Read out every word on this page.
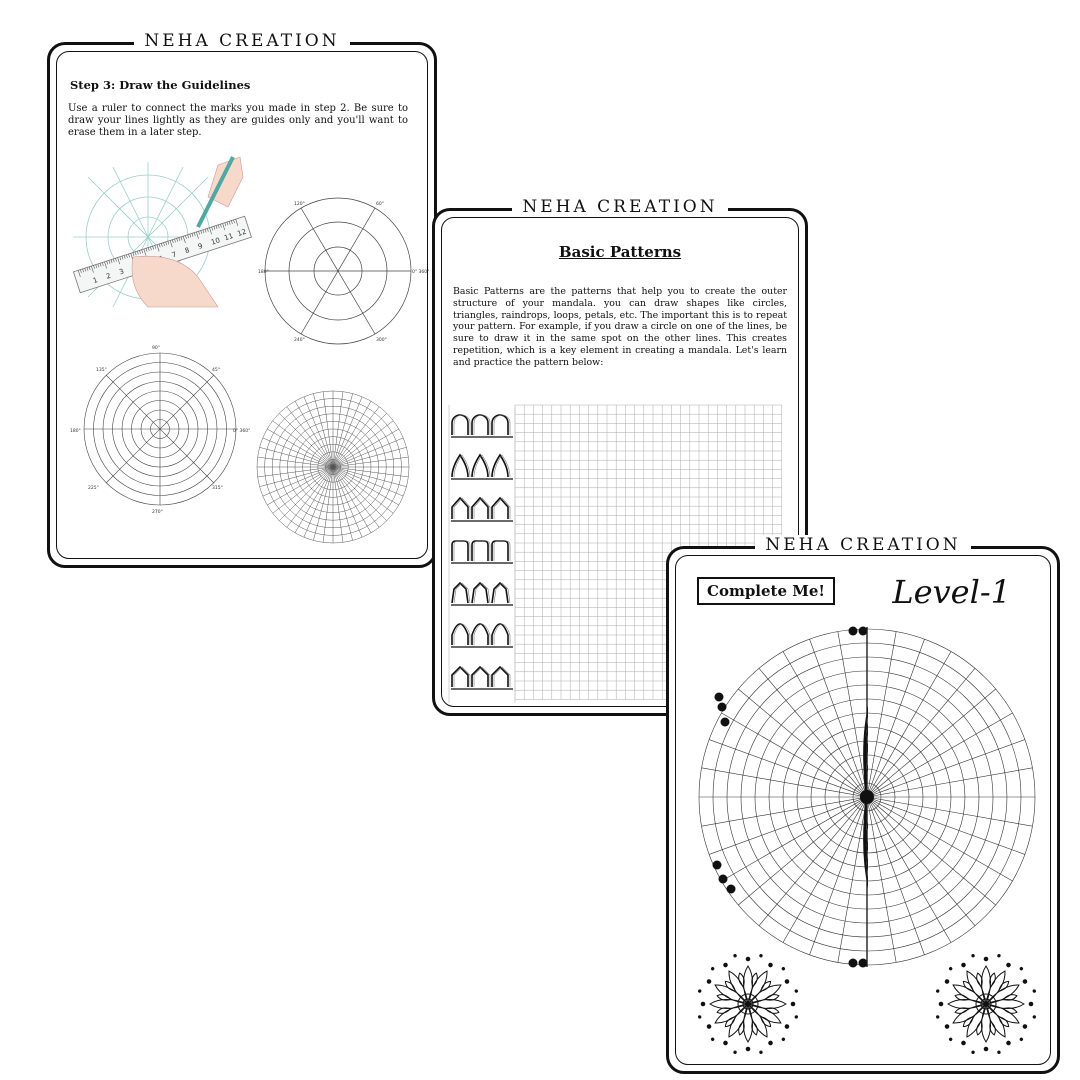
NEHA CREATION
Step 3: Draw the Guidelines

Use a ruler to connect the marks you made in step 2. Be sure to draw your lines lightly as they are guides only and you'll want to erase them in a later step.

1 2 3
7 8 9 10 11 12
120°	60°
180°	0° 360°
240°	300°
90°
135°	45°
180°	0° 360°
225°	315°
270°
NEHA CREATION
Basic Patterns

Basic Patterns are the patterns that help you to create the outer structure of your mandala. you can draw shapes like circles, triangles, raindrops, loops, petals, etc. The important this is to repeat your pattern. For example, if you draw a circle on one of the lines, be sure to draw it in the same spot on the other lines. This creates repetition, which is a key element in creating a mandala. Let's learn and practice the pattern below:

NEHA CREATION
Complete Me!	Level-1
